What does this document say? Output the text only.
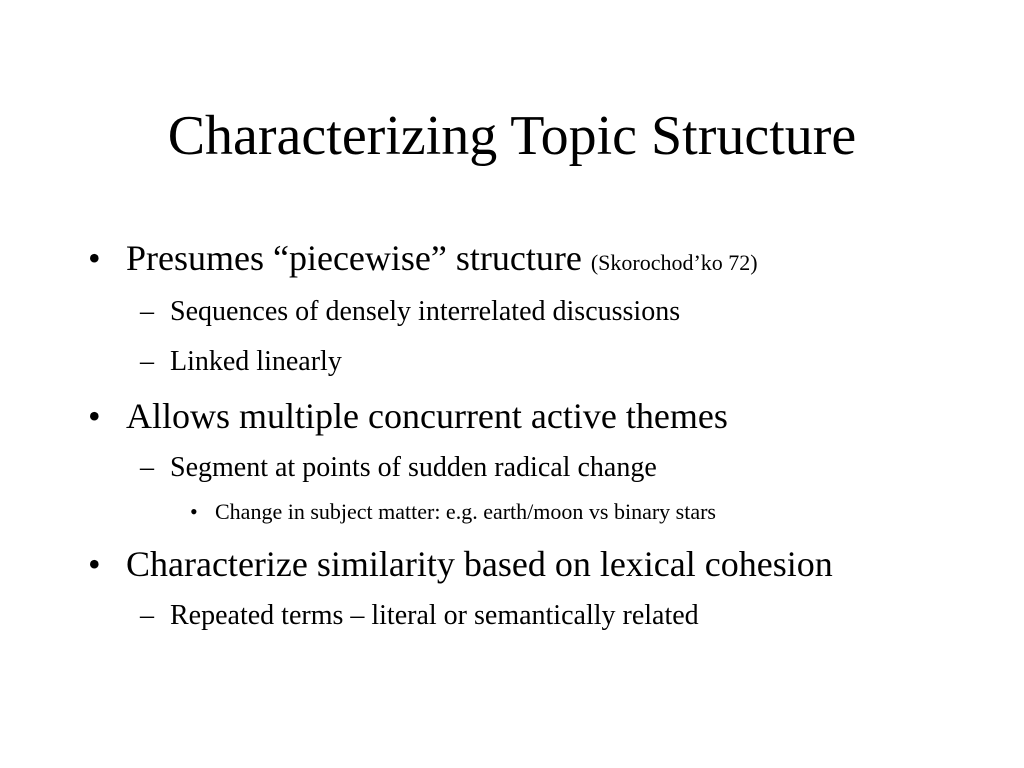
Characterizing Topic Structure
• Presumes “piecewise” structure (Skorochod’ko 72)
– Sequences of densely interrelated discussions
– Linked linearly
• Allows multiple concurrent active themes
– Segment at points of sudden radical change
• Change in subject matter: e.g. earth/moon vs binary stars
• Characterize similarity based on lexical cohesion
– Repeated terms – literal or semantically related
